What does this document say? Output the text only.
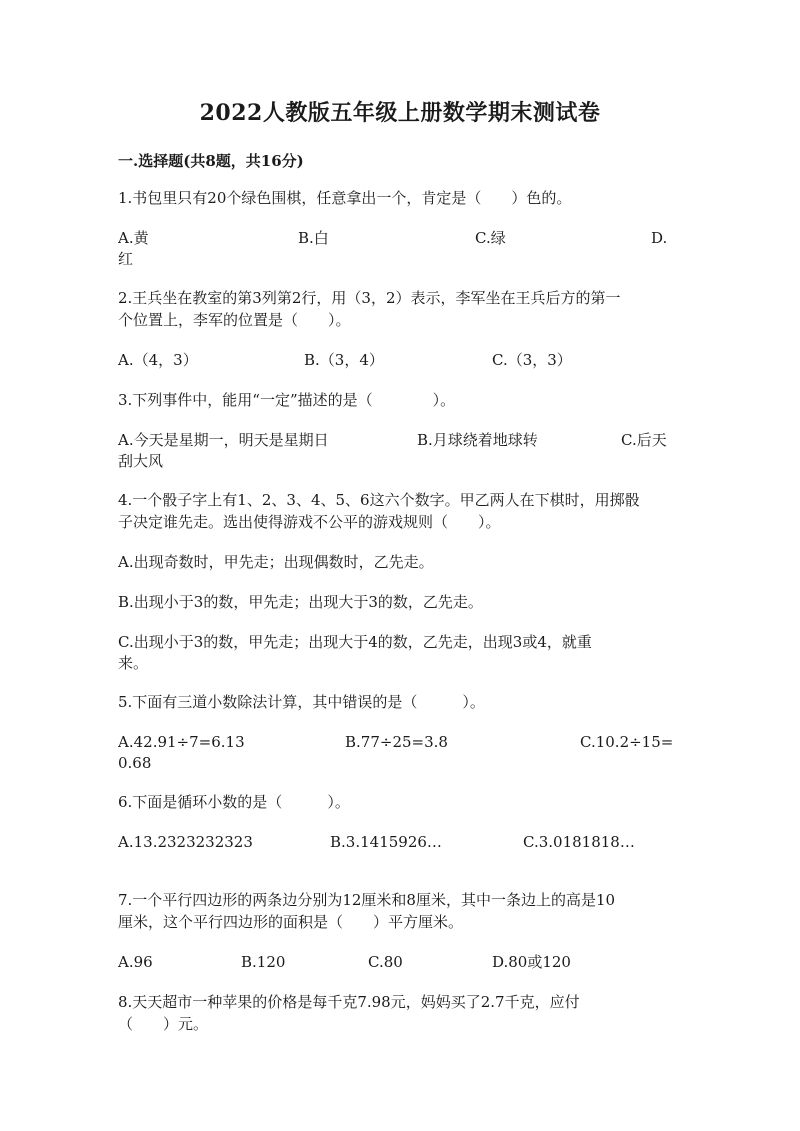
2022人教版五年级上册数学期末测试卷
一.选择题(共8题，共16分)
1.书包里只有20个绿色围棋，任意拿出一个，肯定是（　　）色的。
A.黄	B.白	C.绿	D.
红
2.王兵坐在教室的第3列第2行，用（3，2）表示，李军坐在王兵后方的第一
个位置上，李军的位置是（　　）。
A.（4，3）	B.（3，4）	C.（3，3）
3.下列事件中，能用“一定”描述的是（　　　　）。
A.今天是星期一，明天是星期日	B.月球绕着地球转	C.后天
刮大风
4.一个骰子字上有1、2、3、4、5、6这六个数字。甲乙两人在下棋时，用掷骰
子决定谁先走。选出使得游戏不公平的游戏规则（　　）。
A.出现奇数时，甲先走；出现偶数时，乙先走。
B.出现小于3的数，甲先走；出现大于3的数，乙先走。
C.出现小于3的数，甲先走；出现大于4的数，乙先走，出现3或4，就重
来。
5.下面有三道小数除法计算，其中错误的是（　　　）。
A.42.91÷7=6.13	B.77÷25=3.8	C.10.2÷15=
0.68
6.下面是循环小数的是（　　　）。
A.13.2323232323	B.3.1415926…	C.3.0181818…
7.一个平行四边形的两条边分别为12厘米和8厘米，其中一条边上的高是10
厘米，这个平行四边形的面积是（　　）平方厘米。
A.96	B.120	C.80	D.80或120
8.天天超市一种苹果的价格是每千克7.98元，妈妈买了2.7千克，应付
（　　）元。
